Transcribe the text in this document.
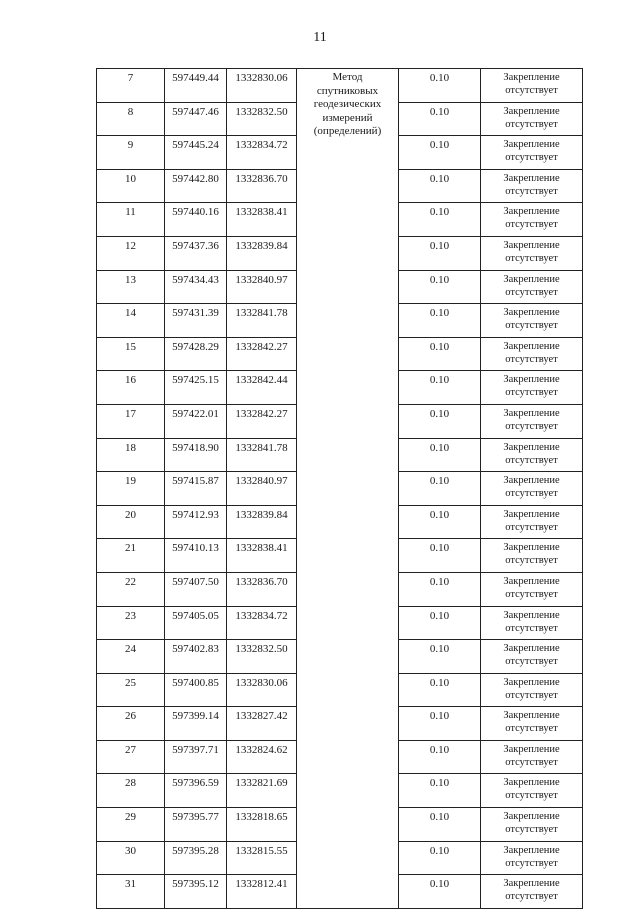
11
7	597449.44	1332830.06	Метод
спутниковых
геодезических
измерений
(определений)	0.10	Закрепление
отсутствует

8	597447.46	1332832.50		0.10	Закрепление
отсутствует

9	597445.24	1332834.72		0.10	Закрепление
отсутствует

10	597442.80	1332836.70		0.10	Закрепление
отсутствует

11	597440.16	1332838.41		0.10	Закрепление
отсутствует

12	597437.36	1332839.84		0.10	Закрепление
отсутствует

13	597434.43	1332840.97		0.10	Закрепление
отсутствует

14	597431.39	1332841.78		0.10	Закрепление
отсутствует

15	597428.29	1332842.27		0.10	Закрепление
отсутствует

16	597425.15	1332842.44		0.10	Закрепление
отсутствует

17	597422.01	1332842.27		0.10	Закрепление
отсутствует

18	597418.90	1332841.78		0.10	Закрепление
отсутствует

19	597415.87	1332840.97		0.10	Закрепление
отсутствует

20	597412.93	1332839.84		0.10	Закрепление
отсутствует

21	597410.13	1332838.41		0.10	Закрепление
отсутствует

22	597407.50	1332836.70		0.10	Закрепление
отсутствует

23	597405.05	1332834.72		0.10	Закрепление
отсутствует

24	597402.83	1332832.50		0.10	Закрепление
отсутствует

25	597400.85	1332830.06		0.10	Закрепление
отсутствует

26	597399.14	1332827.42		0.10	Закрепление
отсутствует

27	597397.71	1332824.62		0.10	Закрепление
отсутствует

28	597396.59	1332821.69		0.10	Закрепление
отсутствует

29	597395.77	1332818.65		0.10	Закрепление
отсутствует

30	597395.28	1332815.55		0.10	Закрепление
отсутствует

31	597395.12	1332812.41		0.10	Закрепление
отсутствует
